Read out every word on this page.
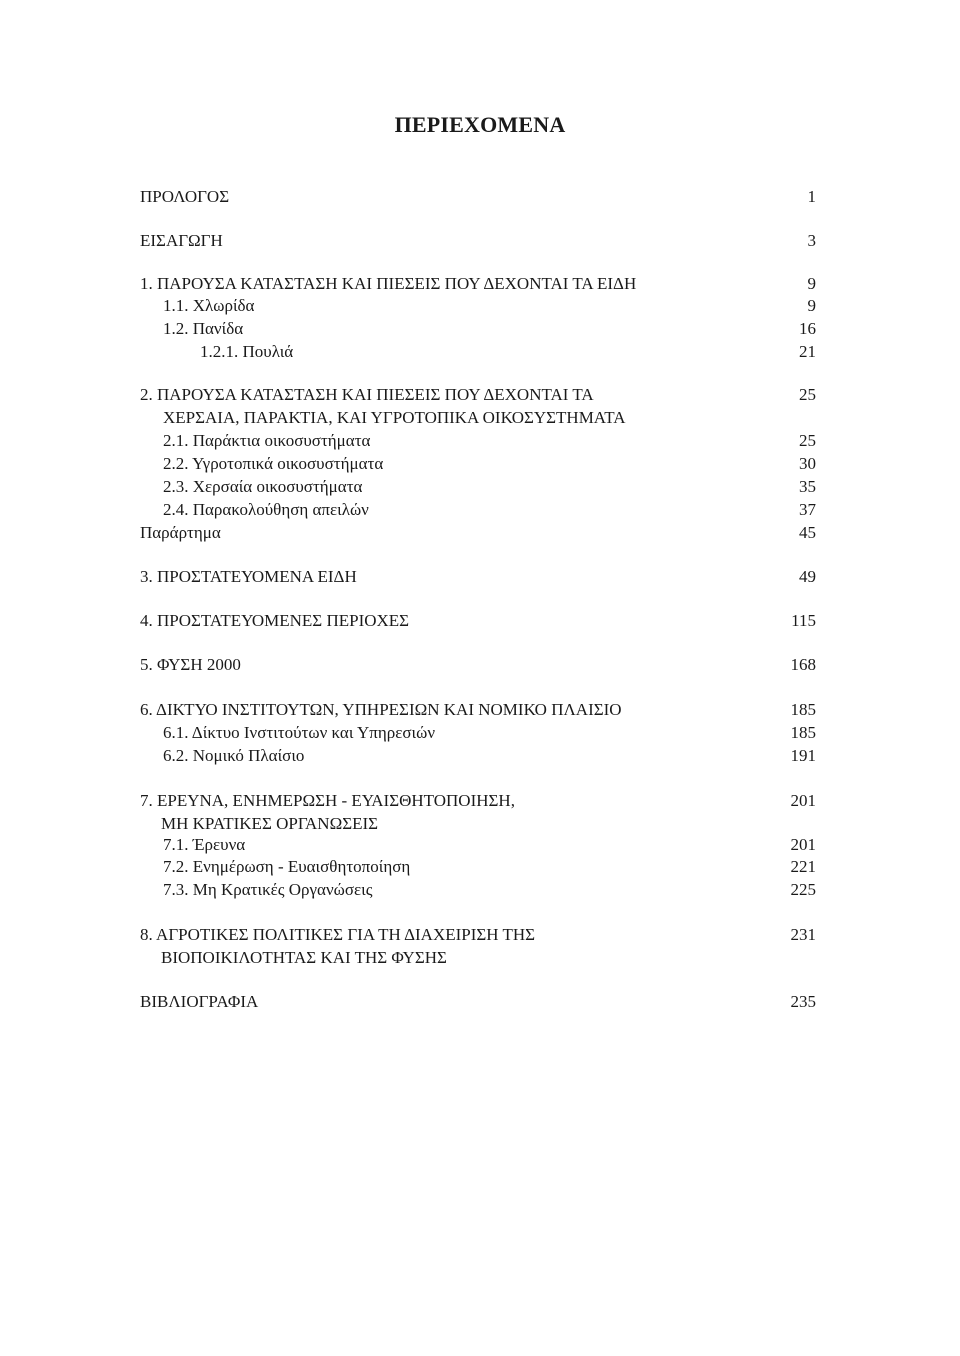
ΠΕΡΙΕΧΟΜΕΝΑ
ΠΡΟΛΟΓΟΣ	1
ΕΙΣΑΓΩΓΗ	3
1. ΠΑΡΟΥΣΑ ΚΑΤΑΣΤΑΣΗ ΚΑΙ ΠΙΕΣΕΙΣ ΠΟΥ ΔΕΧΟΝΤΑΙ ΤΑ ΕΙΔΗ	9
1.1. Χλωρίδα	9
1.2. Πανίδα	16
1.2.1. Πουλιά	21
2. ΠΑΡΟΥΣΑ ΚΑΤΑΣΤΑΣΗ ΚΑΙ ΠΙΕΣΕΙΣ ΠΟΥ ΔΕΧΟΝΤΑΙ ΤΑ	25
ΧΕΡΣΑΙΑ, ΠΑΡΑΚΤΙΑ, ΚΑΙ ΥΓΡΟΤΟΠΙΚΑ ΟΙΚΟΣΥΣΤΗΜΑΤΑ
2.1. Παράκτια οικοσυστήματα	25
2.2. Υγροτοπικά οικοσυστήματα	30
2.3. Χερσαία οικοσυστήματα	35
2.4. Παρακολούθηση απειλών	37
Παράρτημα	45
3. ΠΡΟΣΤΑΤΕΥΟΜΕΝΑ ΕΙΔΗ	49
4. ΠΡΟΣΤΑΤΕΥΟΜΕΝΕΣ ΠΕΡΙΟΧΕΣ	115
5. ΦΥΣΗ 2000	168
6. ΔΙΚΤΥΟ ΙΝΣΤΙΤΟΥΤΩΝ, ΥΠΗΡΕΣΙΩΝ ΚΑΙ ΝΟΜΙΚΟ ΠΛΑΙΣΙΟ	185
6.1. Δίκτυο Ινστιτούτων και Υπηρεσιών	185
6.2. Νομικό Πλαίσιο	191
7. ΕΡΕΥΝΑ, ΕΝΗΜΕΡΩΣΗ - ΕΥΑΙΣΘΗΤΟΠΟΙΗΣΗ,	201
ΜΗ ΚΡΑΤΙΚΕΣ ΟΡΓΑΝΩΣΕΙΣ
7.1. Έρευνα	201
7.2. Ενημέρωση - Ευαισθητοποίηση	221
7.3. Μη Κρατικές Οργανώσεις	225
8. ΑΓΡΟΤΙΚΕΣ ΠΟΛΙΤΙΚΕΣ ΓΙΑ ΤΗ ΔΙΑΧΕΙΡΙΣΗ ΤΗΣ	231
ΒΙΟΠΟΙΚΙΛΟΤΗΤΑΣ ΚΑΙ ΤΗΣ ΦΥΣΗΣ
ΒΙΒΛΙΟΓΡΑΦΙΑ	235
